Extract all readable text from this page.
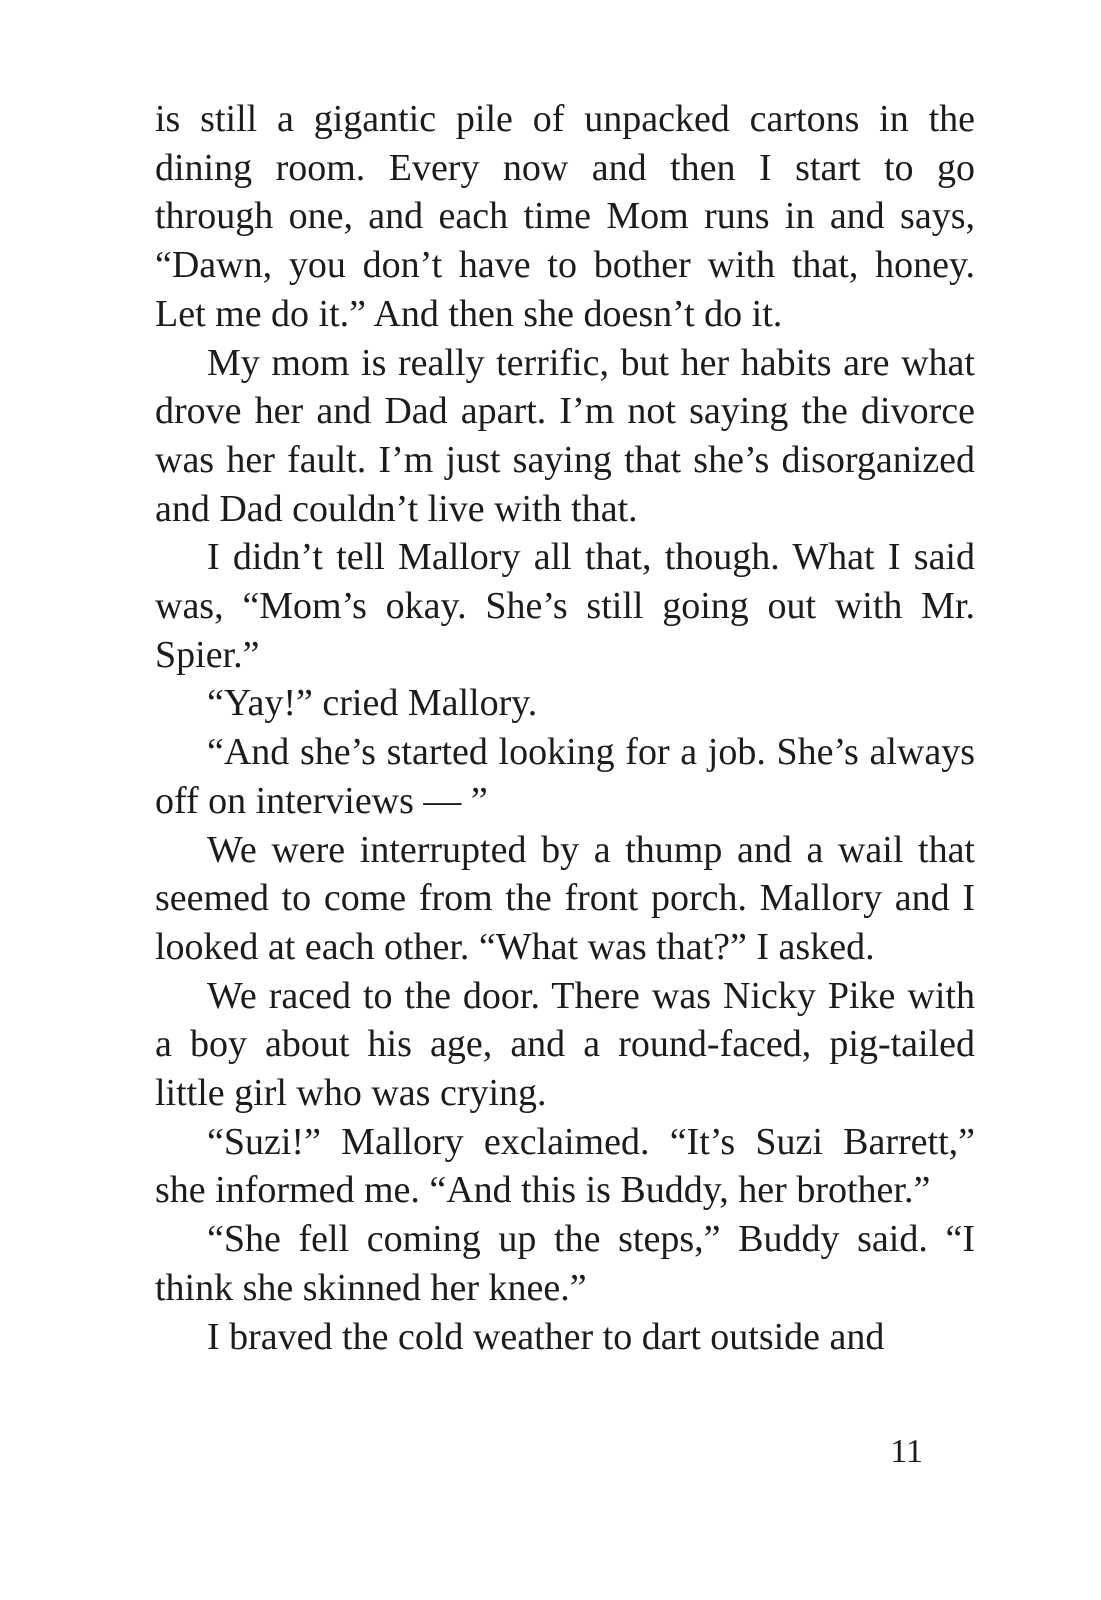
is still a gigantic pile of unpacked cartons in the dining room. Every now and then I start to go through one, and each time Mom runs in and says, “Dawn, you don’t have to bother with that, honey. Let me do it.” And then she doesn’t do it.

My mom is really terrific, but her habits are what drove her and Dad apart. I’m not saying the divorce was her fault. I’m just saying that she’s disorganized and Dad couldn’t live with that.

I didn’t tell Mallory all that, though. What I said was, “Mom’s okay. She’s still going out with Mr. Spier.”

“Yay!” cried Mallory.

“And she’s started looking for a job. She’s always off on interviews — ”

We were interrupted by a thump and a wail that seemed to come from the front porch. Mallory and I looked at each other. “What was that?” I asked.

We raced to the door. There was Nicky Pike with a boy about his age, and a round-faced, pig-tailed little girl who was crying.

“Suzi!” Mallory exclaimed. “It’s Suzi Barrett,” she informed me. “And this is Buddy, her brother.”

“She fell coming up the steps,” Buddy said. “I think she skinned her knee.”

I braved the cold weather to dart outside and

11
